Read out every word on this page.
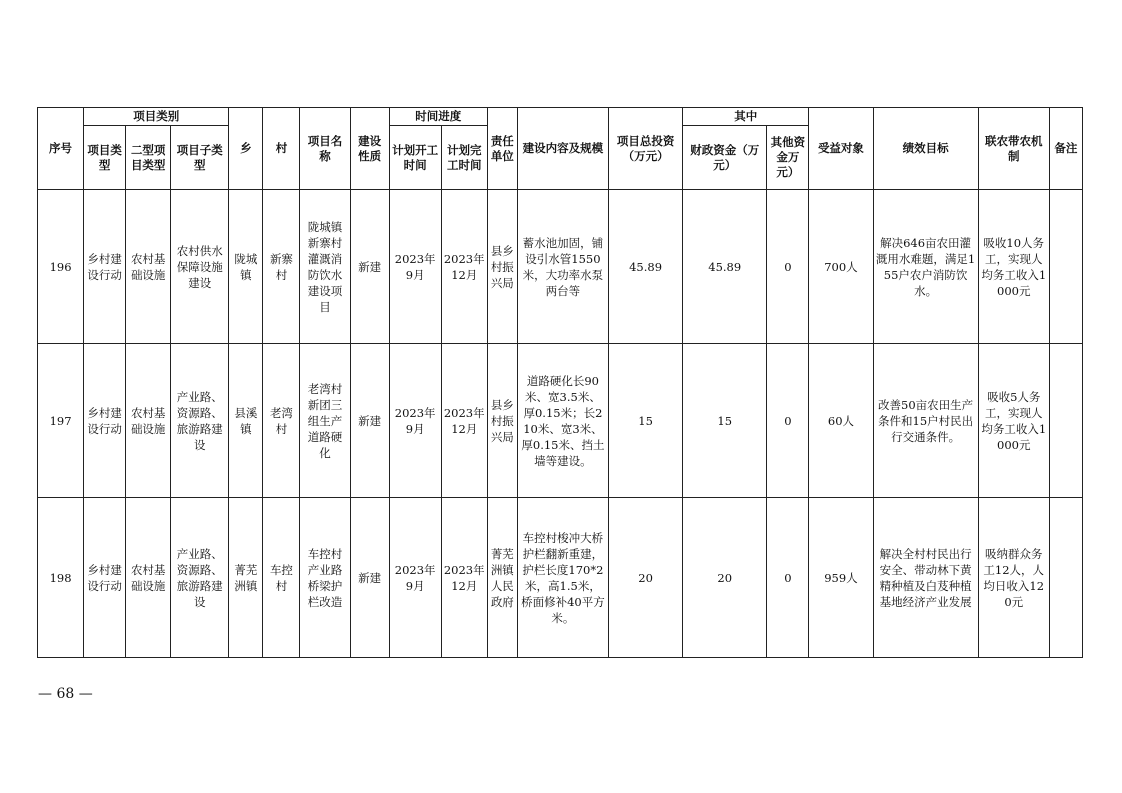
序号	项目类别			乡	村	项目名称	建设性质	时间进度		责任单位	建设内容及规模	项目总投资（万元）	其中		受益对象	绩效目标	联农带农机制	备注
	项目类型	二型项目类型	项目子类型					计划开工时间	计划完工时间				财政资金（万元）	其他资金万元）				
196	乡村建设行动	农村基础设施	农村供水保障设施建设	陇城镇	新寨村	陇城镇新寨村灌溉消防饮水建设项目	新建	2023年9月	2023年12月	县乡村振兴局	蓄水池加固，铺设引水管1550米，大功率水泵两台等	45.89	45.89	0	700人	解决646亩农田灌溉用水难题，满足155户农户消防饮水。	吸收10人务工，实现人均务工收入1000元	
197	乡村建设行动	农村基础设施	产业路、资源路、旅游路建设	县溪镇	老湾村	老湾村新团三组生产道路硬化	新建	2023年9月	2023年12月	县乡村振兴局	道路硬化长90米、宽3.5米、厚0.15米；长210米、宽3米、厚0.15米、挡土墙等建设。	15	15	0	60人	改善50亩农田生产条件和15户村民出行交通条件。	吸收5人务工，实现人均务工收入1000元	
198	乡村建设行动	农村基础设施	产业路、资源路、旅游路建设	菁芜洲镇	车控村	车控村产业路桥梁护栏改造	新建	2023年9月	2023年12月	菁芜洲镇人民政府	车控村梭冲大桥护栏翻新重建，护栏长度170*2米，高1.5米，桥面修补40平方米。	20	20	0	959人	解决全村村民出行安全、带动林下黄精种植及白芨种植基地经济产业发展	吸纳群众务工12人，人均日收入120元	
— 68 —
